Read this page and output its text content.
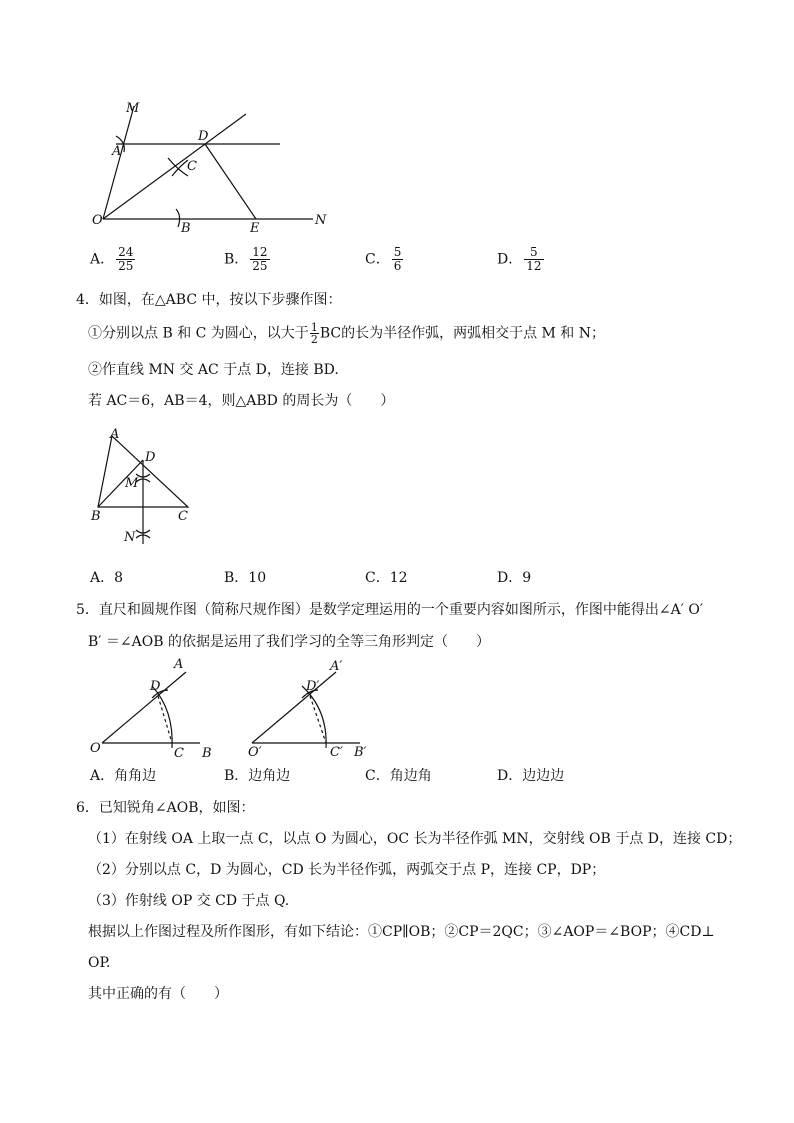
M
A
D
C
O
B	E
N
A． $\frac{24}{25}$	B． $\frac{12}{25}$	C． $\frac{5}{6}$	D． $\frac{5}{12}$
4．如图，在△ABC 中，按以下步骤作图：
①分别以点 B 和 C 为圆心，以大于 $\frac{1}{2}$ BC的长为半径作弧，两弧相交于点 M 和 N；
②作直线 MN 交 AC 于点 D，连接 BD.
若 AC＝6，AB＝4，则△ABD 的周长为（　　）
A
D
M
B	C
N
A．8	B．10	C．12	D．9
5．直尺和圆规作图（简称尺规作图）是数学定理运用的一个重要内容如图所示，作图中能得出∠A′ O′
B′ ＝∠AOB 的依据是运用了我们学习的全等三角形判定（　　）
A
D
O	C B
A′
D′
O′	C′ B′
A．角角边	B．边角边	C．角边角	D．边边边
6．已知锐角∠AOB，如图：
（1）在射线 OA 上取一点 C，以点 O 为圆心，OC 长为半径作弧 MN，交射线 OB 于点 D，连接 CD；
（2）分别以点 C，D 为圆心，CD 长为半径作弧，两弧交于点 P，连接 CP，DP；
（3）作射线 OP 交 CD 于点 Q.
根据以上作图过程及所作图形，有如下结论：①CP∥OB；②CP＝2QC；③∠AOP＝∠BOP；④CD⊥
OP.
其中正确的有（　　）
